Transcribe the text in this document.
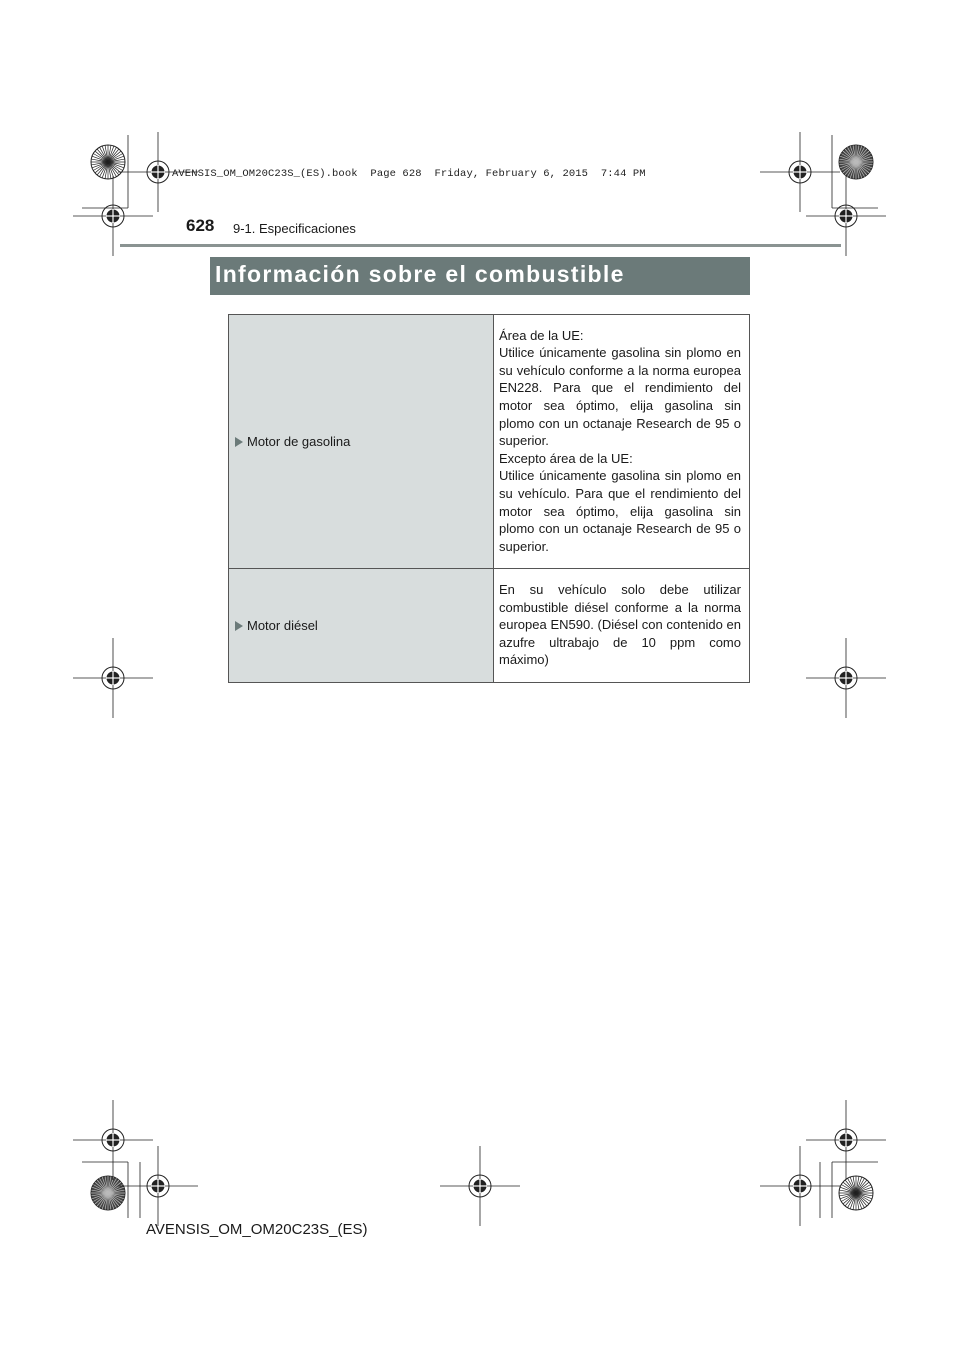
AVENSIS_OM_OM20C23S_(ES).book  Page 628  Friday, February 6, 2015  7:44 PM
628 9-1. Especificaciones
Información sobre el combustible
Motor de gasolina	Área de la UE:

Utilice únicamente gasolina sin plomo en su vehículo conforme a la norma europea EN228. Para que el rendimiento del motor sea óptimo, elija gasolina sin plomo con un octanaje Research de 95 o superior.

Excepto área de la UE:

Utilice únicamente gasolina sin plomo en su vehículo. Para que el rendimiento del motor sea óptimo, elija gasolina sin plomo con un octanaje Research de 95 o superior.

Motor diésel	En su vehículo solo debe utilizar combustible diésel conforme a la norma europea EN590. (Diésel con contenido en azufre ultrabajo de 10 ppm como máximo)

AVENSIS_OM_OM20C23S_(ES)
